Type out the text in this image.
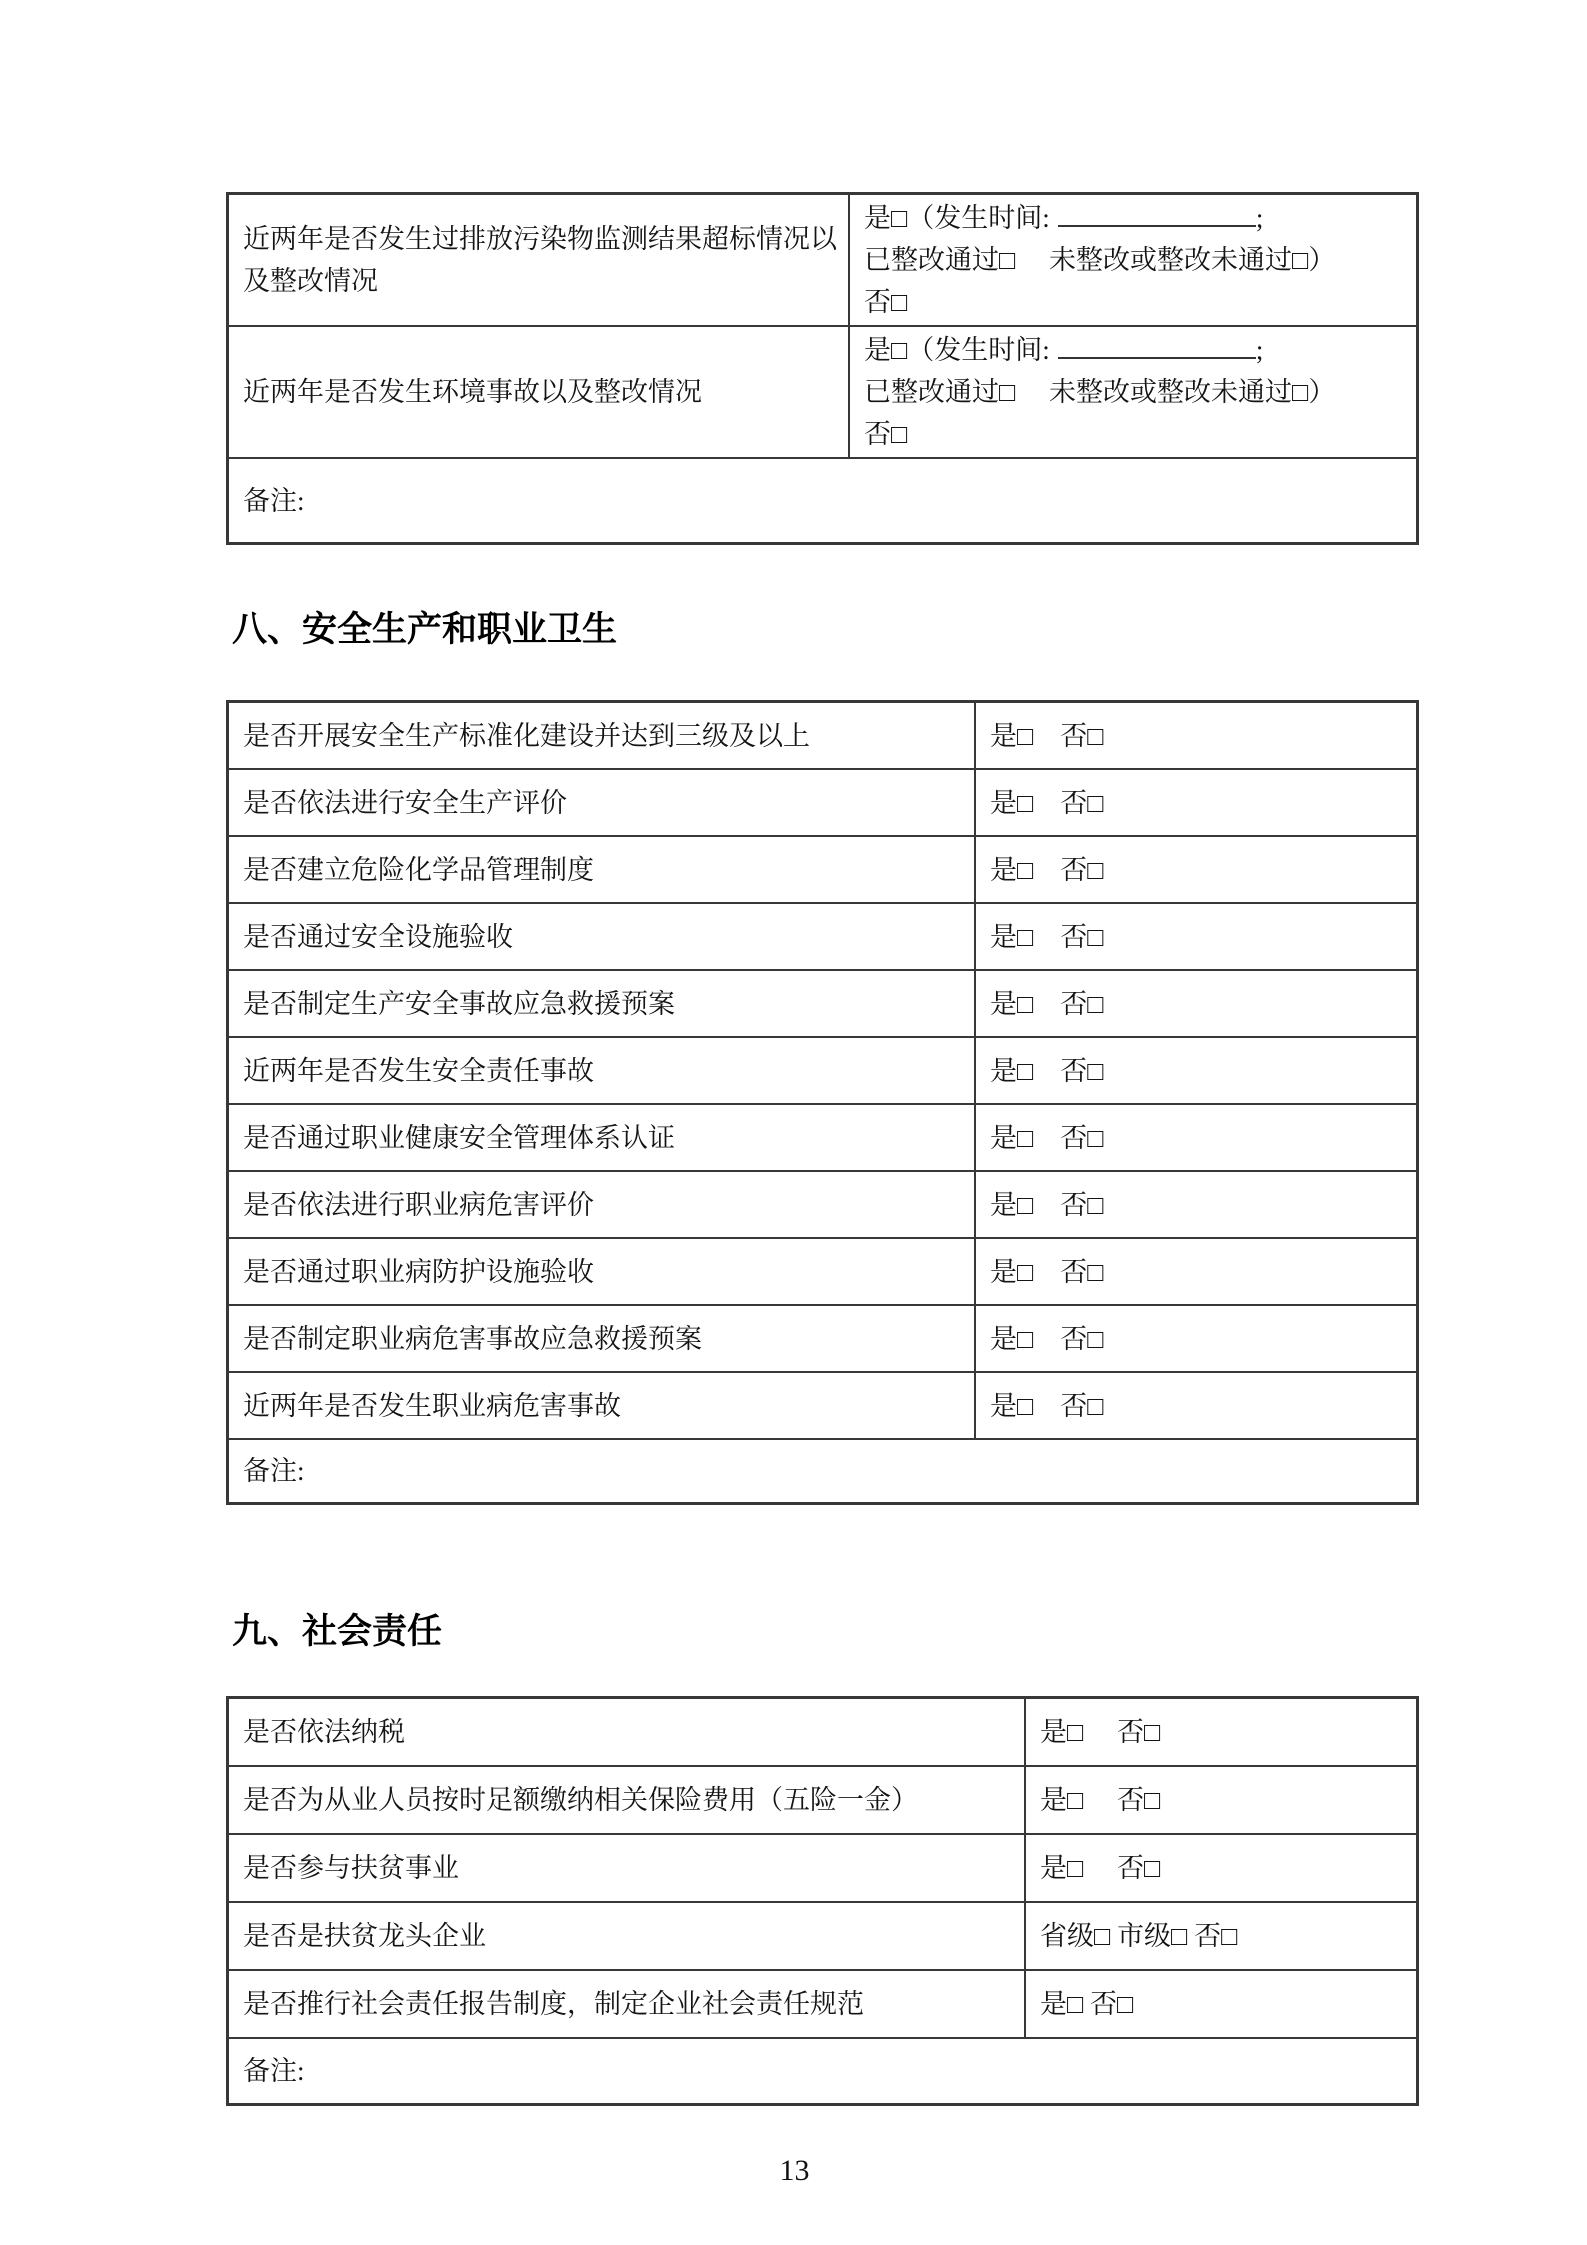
近两年是否发生过排放污染物监测结果超标情况以及整改情况	是□（发生时间: ;
已整改通过□　 未整改或整改未通过□）
否□

近两年是否发生环境事故以及整改情况	是□（发生时间: ;
已整改通过□　 未整改或整改未通过□）
否□

备注:	
八、安全生产和职业卫生
是否开展安全生产标准化建设并达到三级及以上	是□　否□
是否依法进行安全生产评价	是□　否□
是否建立危险化学品管理制度	是□　否□
是否通过安全设施验收	是□　否□
是否制定生产安全事故应急救援预案	是□　否□
近两年是否发生安全责任事故	是□　否□
是否通过职业健康安全管理体系认证	是□　否□
是否依法进行职业病危害评价	是□　否□
是否通过职业病防护设施验收	是□　否□
是否制定职业病危害事故应急救援预案	是□　否□
近两年是否发生职业病危害事故	是□　否□
备注:	
九、社会责任
是否依法纳税	是□　 否□
是否为从业人员按时足额缴纳相关保险费用（五险一金）	是□　 否□
是否参与扶贫事业	是□　 否□
是否是扶贫龙头企业	省级□ 市级□ 否□
是否推行社会责任报告制度，制定企业社会责任规范	是□ 否□
备注:	
13
